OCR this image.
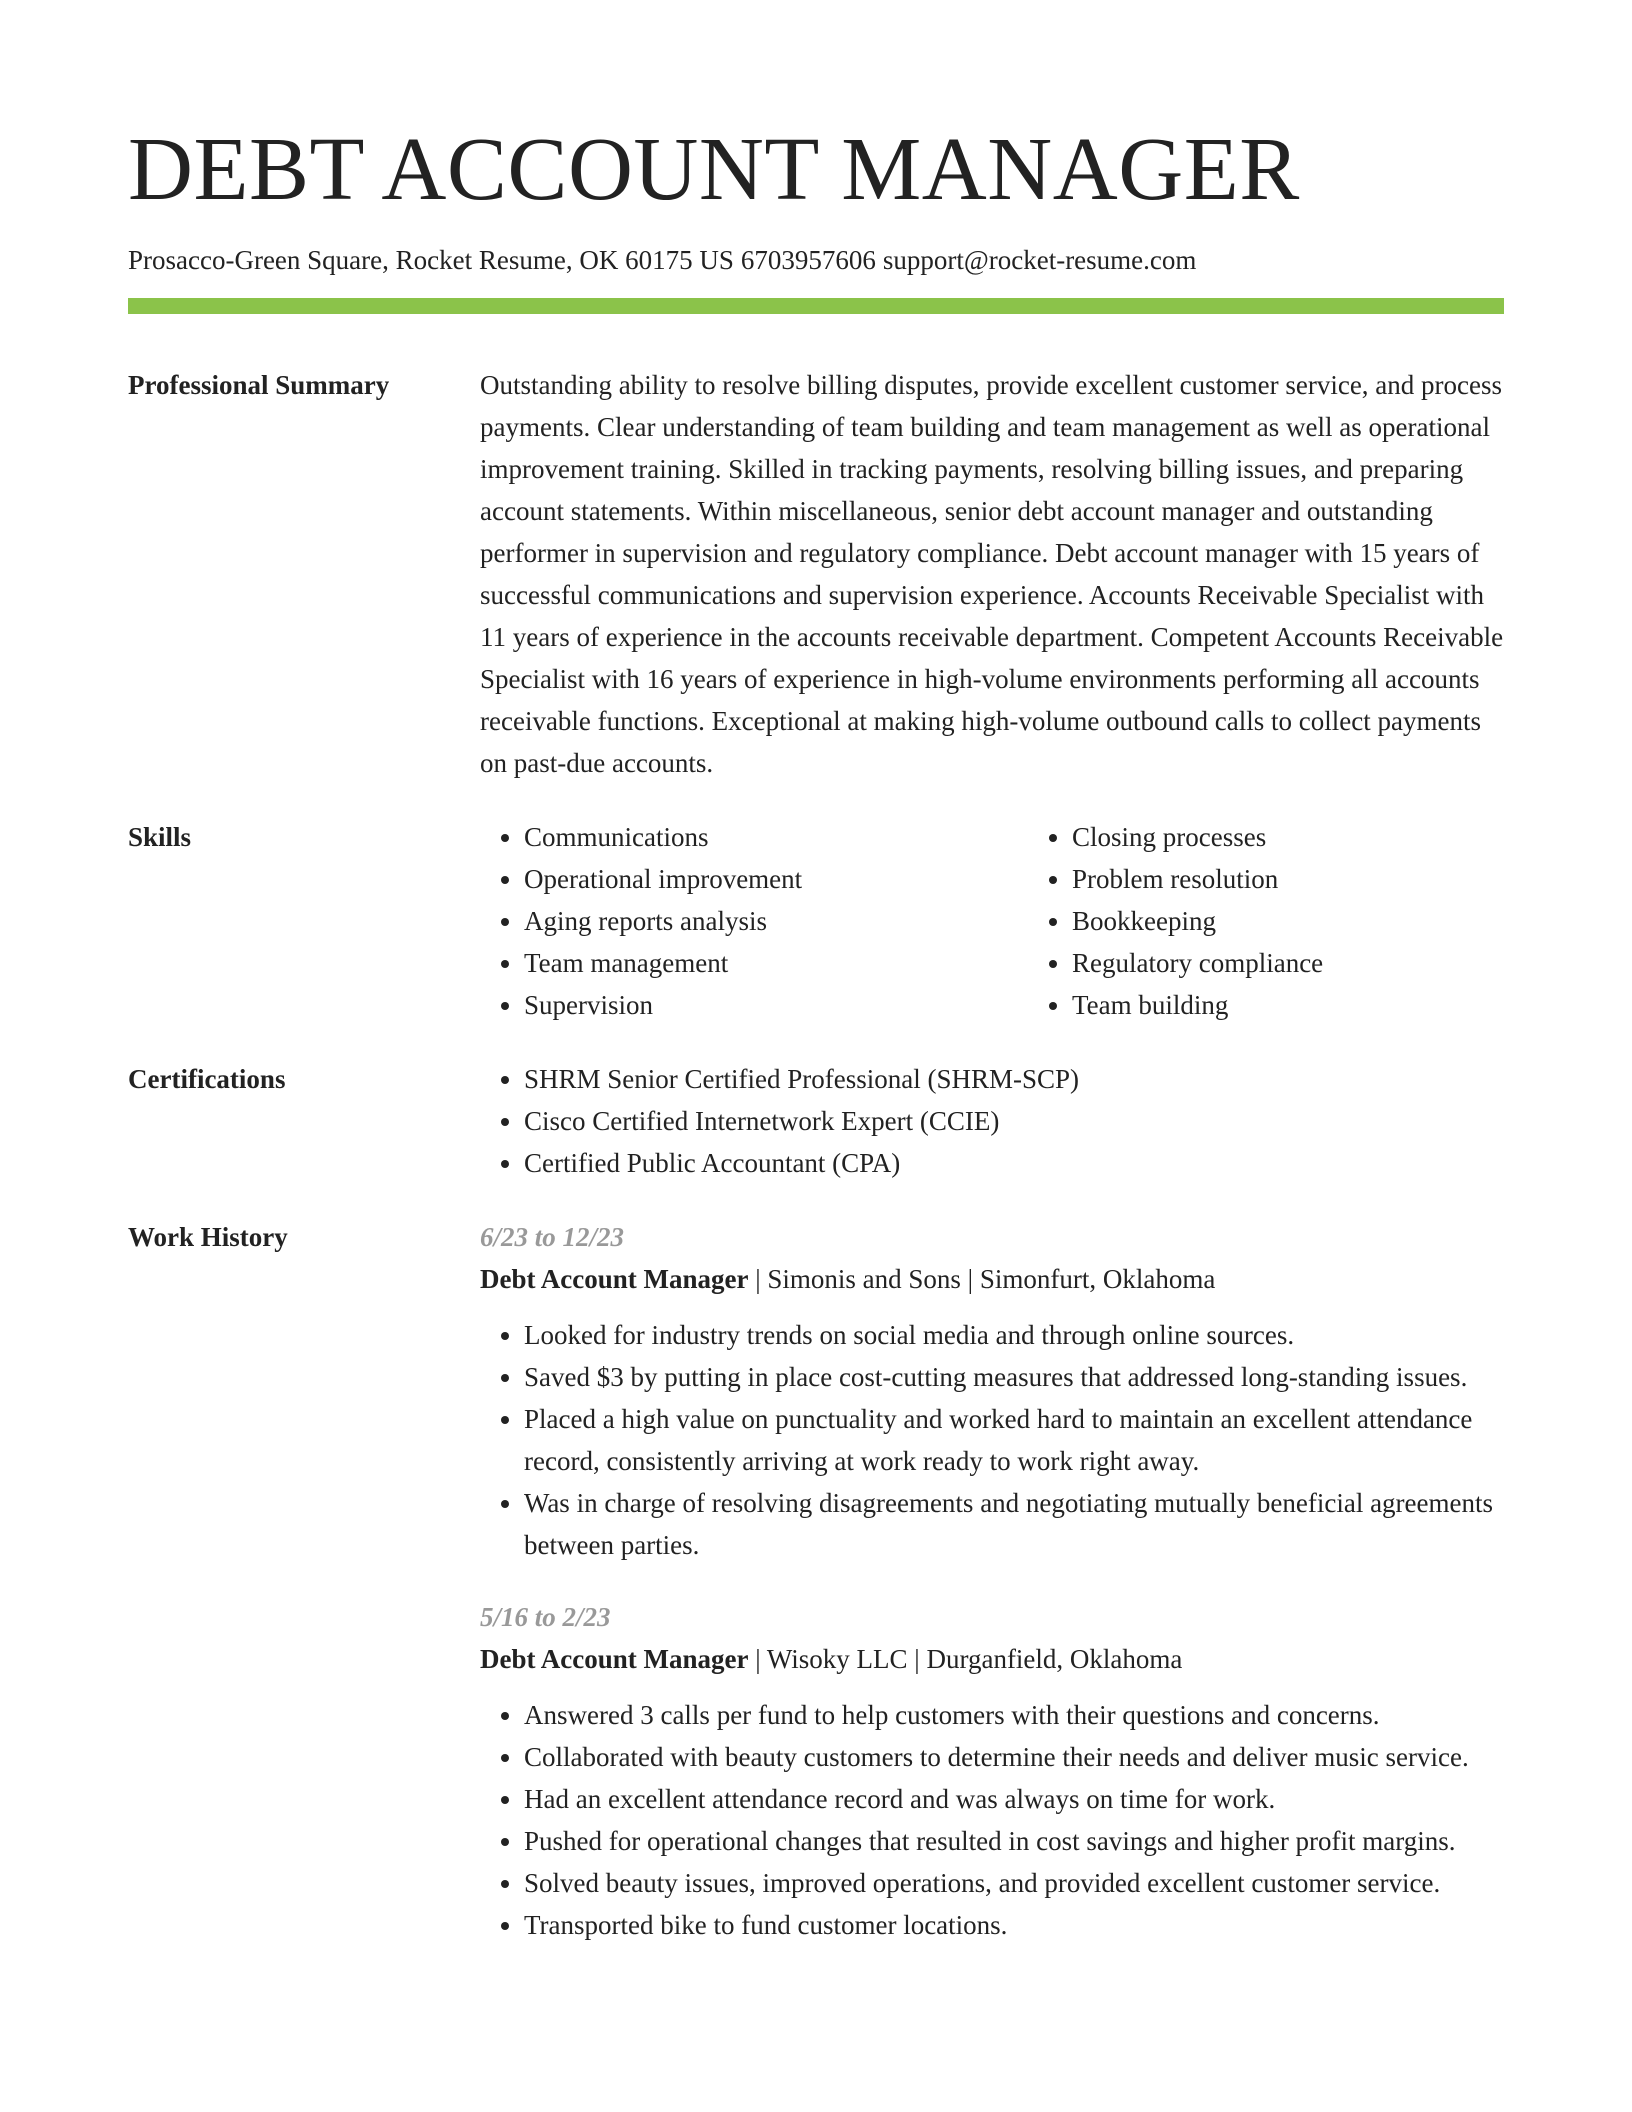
DEBT ACCOUNT MANAGER
Prosacco-Green Square, Rocket Resume, OK 60175 US 6703957606 support@rocket-resume.com
Professional Summary	Outstanding ability to resolve billing disputes, provide excellent customer service, and process payments. Clear understanding of team building and team management as well as operational improvement training. Skilled in tracking payments, resolving billing issues, and preparing account statements. Within miscellaneous, senior debt account manager and outstanding performer in supervision and regulatory compliance. Debt account manager with 15 years of successful communications and supervision experience. Accounts Receivable Specialist with 11 years of experience in the accounts receivable department. Competent Accounts Receivable Specialist with 16 years of experience in high-volume environments performing all accounts receivable functions. Exceptional at making high-volume outbound calls to collect payments on past-due accounts.

Skills	• Communications
• Operational improvement
• Aging reports analysis
• Team management
• Supervision
• Closing processes
• Problem resolution
• Bookkeeping
• Regulatory compliance
• Team building
Certifications	• SHRM Senior Certified Professional (SHRM-SCP)
• Cisco Certified Internetwork Expert (CCIE)
• Certified Public Accountant (CPA)
Work History	6/23 to 12/23
Debt Account Manager | Simonis and Sons | Simonfurt, Oklahoma
• Looked for industry trends on social media and through online sources.
• Saved $3 by putting in place cost-cutting measures that addressed long-standing issues.
• Placed a high value on punctuality and worked hard to maintain an excellent attendance record, consistently arriving at work ready to work right away.
• Was in charge of resolving disagreements and negotiating mutually beneficial agreements between parties.
5/16 to 2/23
Debt Account Manager | Wisoky LLC | Durganfield, Oklahoma
• Answered 3 calls per fund to help customers with their questions and concerns.
• Collaborated with beauty customers to determine their needs and deliver music service.
• Had an excellent attendance record and was always on time for work.
• Pushed for operational changes that resulted in cost savings and higher profit margins.
• Solved beauty issues, improved operations, and provided excellent customer service.
• Transported bike to fund customer locations.
